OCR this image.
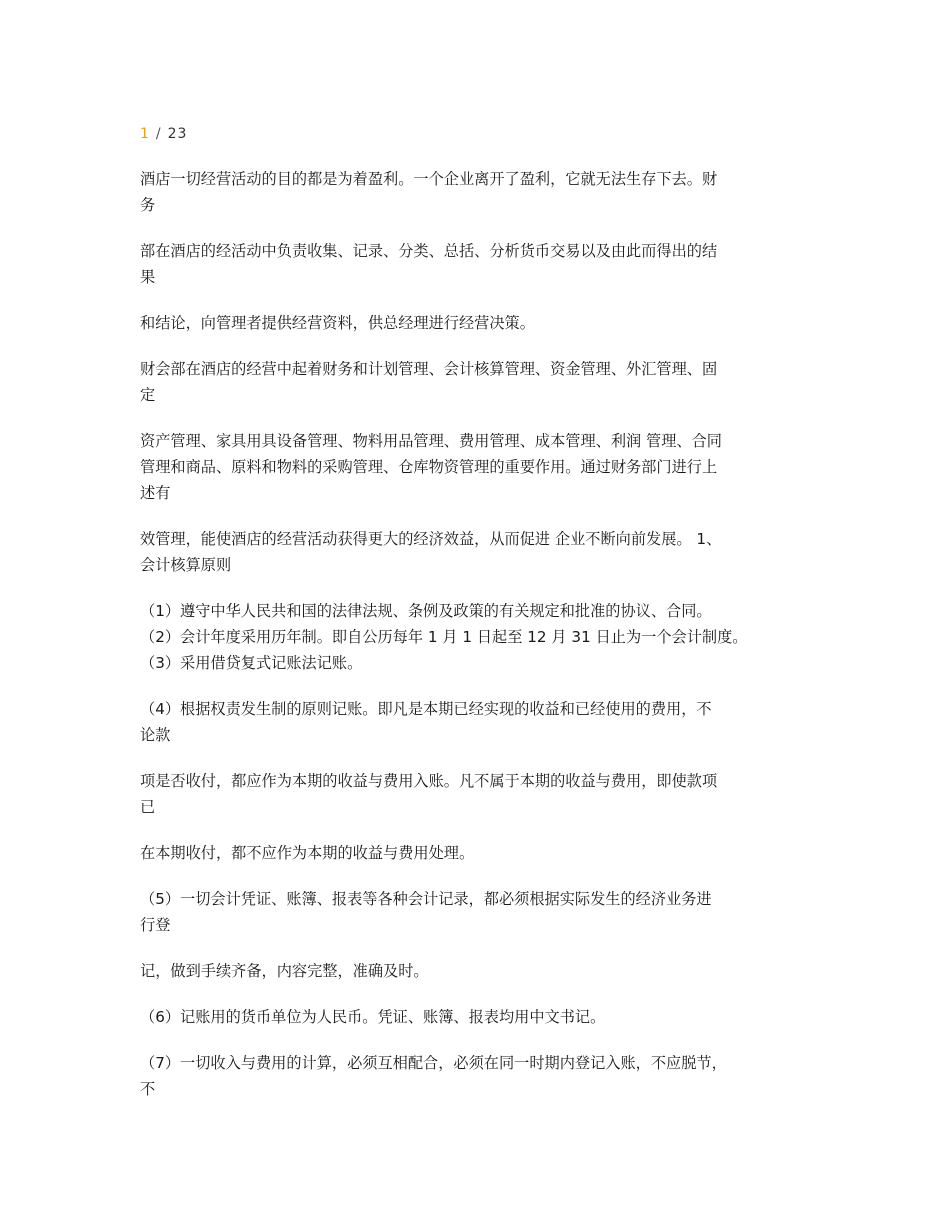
1 / 23

酒店一切经营活动的目的都是为着盈利。一个企业离开了盈利，它就无法生存下去。财
务

部在酒店的经活动中负责收集、记录、分类、总括、分析货币交易以及由此而得出的结
果

和结论，向管理者提供经营资料，供总经理进行经营决策。

财会部在酒店的经营中起着财务和计划管理、会计核算管理、资金管理、外汇管理、固
定

资产管理、家具用具设备管理、物料用品管理、费用管理、成本管理、利润 管理、合同
管理和商品、原料和物料的采购管理、仓库物资管理的重要作用。通过财务部门进行上
述有

效管理，能使酒店的经营活动获得更大的经济效益，从而促进 企业不断向前发展。 1、
会计核算原则

（1）遵守中华人民共和国的法律法规、条例及政策的有关规定和批准的协议、合同。
（2）会计年度采用历年制。即自公历每年 1 月 1 日起至 12 月 31 日止为一个会计制度。
（3）采用借贷复式记账法记账。

（4）根据权责发生制的原则记账。即凡是本期已经实现的收益和已经使用的费用，不
论款

项是否收付，都应作为本期的收益与费用入账。凡不属于本期的收益与费用，即使款项
已

在本期收付，都不应作为本期的收益与费用处理。

（5）一切会计凭证、账簿、报表等各种会计记录，都必须根据实际发生的经济业务进
行登

记，做到手续齐备，内容完整，准确及时。

（6）记账用的货币单位为人民币。凭证、账簿、报表均用中文书记。

（7）一切收入与费用的计算，必须互相配合，必须在同一时期内登记入账，不应脱节，
不
